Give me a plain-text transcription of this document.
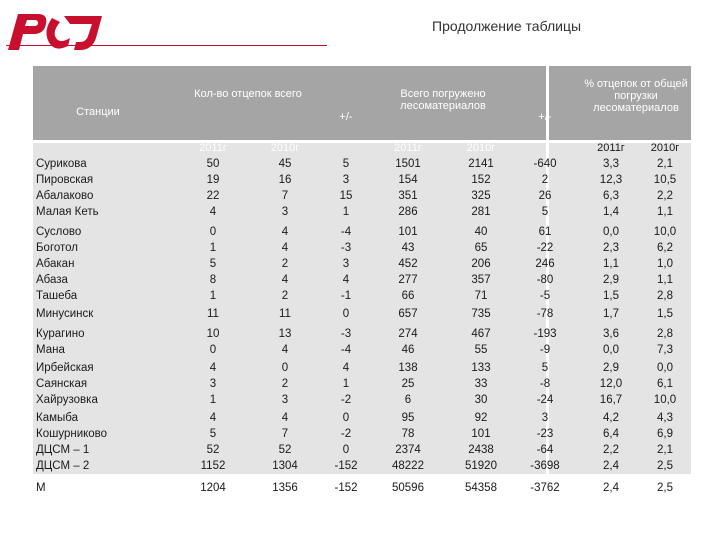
Продолжение таблицы
Станции
Кол-во отцепок всего
+/-
Всего погружено лесоматериалов
+/-
% отцепок от общей погрузки лесоматериалов
2011г	2010г	2011г	2010г	2011г	2010г
Сурикова	50	45	5	1501	2141	-640	3,3	2,1
Пировская	19	16	3	154	152	2	12,3	10,5
Абалаково	22	7	15	351	325	26	6,3	2,2
Малая Кеть	4	3	1	286	281	5	1,4	1,1
Суслово	0	4	-4	101	40	61	0,0	10,0
Боготол	1	4	-3	43	65	-22	2,3	6,2
Абакан	5	2	3	452	206	246	1,1	1,0
Абаза	8	4	4	277	357	-80	2,9	1,1
Ташеба	1	2	-1	66	71	-5	1,5	2,8
Минусинск	11	11	0	657	735	-78	1,7	1,5
Курагино	10	13	-3	274	467	-193	3,6	2,8
Мана	0	4	-4	46	55	-9	0,0	7,3
Ирбейская	4	0	4	138	133	5	2,9	0,0
Саянская	3	2	1	25	33	-8	12,0	6,1
Хайрузовка	1	3	-2	6	30	-24	16,7	10,0
Камыба	4	4	0	95	92	3	4,2	4,3
Кошурниково	5	7	-2	78	101	-23	6,4	6,9
ДЦСМ – 1	52	52	0	2374	2438	-64	2,2	2,1
ДЦСМ – 2	1152	1304	-152	48222	51920	-3698	2,4	2,5
М	1204	1356	-152	50596	54358	-3762	2,4	2,5
